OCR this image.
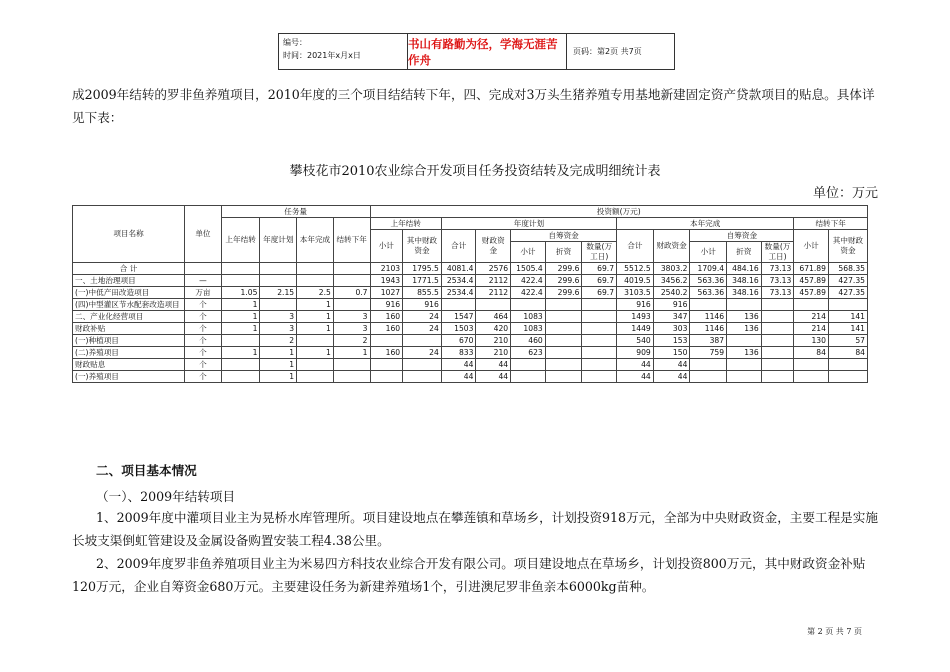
编号：
时间：2021年x月x日
书山有路勤为径，学海无涯苦作舟
页码：第2页 共7页
成2009年结转的罗非鱼养殖项目，2010年度的三个项目结结转下年，四、完成对3万头生猪养殖专用基地新建固定资产贷款项目的贴息。具体详
见下表：
攀枝花市2010农业综合开发项目任务投资结转及完成明细统计表
单位：万元
项目名称	单位	任务量				投资额(万元)													
		上年结转	年度计划	本年完成	结转下年	上年结转		年度计划					本年完成					结转下年	
						小计	其中财政资金	合计	财政资金	自筹资金			合计	财政资金	自筹资金			小计	其中财政资金
										小计	折资	数量(万工日)			小计	折资	数量(万工日)		
合 计						2103	1795.5	4081.4	2576	1505.4	299.6	69.7	5512.5	3803.2	1709.4	484.16	73.13	671.89	568.35
一、土地治理项目	—					1943	1771.5	2534.4	2112	422.4	299.6	69.7	4019.5	3456.2	563.36	348.16	73.13	457.89	427.35
(一)中低产田改造项目	万亩	1.05	2.15	2.5	0.7	1027	855.5	2534.4	2112	422.4	299.6	69.7	3103.5	2540.2	563.36	348.16	73.13	457.89	427.35
(四)中型灌区节水配套改造项目	个	1		1		916	916						916	916					
二、产业化经营项目	个	1	3	1	3	160	24	1547	464	1083			1493	347	1146	136		214	141
财政补贴	个	1	3	1	3	160	24	1503	420	1083			1449	303	1146	136		214	141
(一)种植项目	个		2		2			670	210	460			540	153	387			130	57
(二)养殖项目	个	1	1	1	1	160	24	833	210	623			909	150	759	136		84	84
财政贴息	个		1					44	44				44	44					
(一)养殖项目	个		1					44	44				44	44					
二、项目基本情况
（一）、2009年结转项目
1、2009年度中灌项目业主为晃桥水库管理所。项目建设地点在攀莲镇和草场乡，计划投资918万元，全部为中央财政资金，主要工程是实施
长坡支渠倒虹管建设及金属设备购置安装工程4.38公里。
2、2009年度罗非鱼养殖项目业主为米易四方科技农业综合开发有限公司。项目建设地点在草场乡，计划投资800万元，其中财政资金补贴
120万元，企业自筹资金680万元。主要建设任务为新建养殖场1个，引进澳尼罗非鱼亲本6000kg苗种。
第 2 页 共 7 页
